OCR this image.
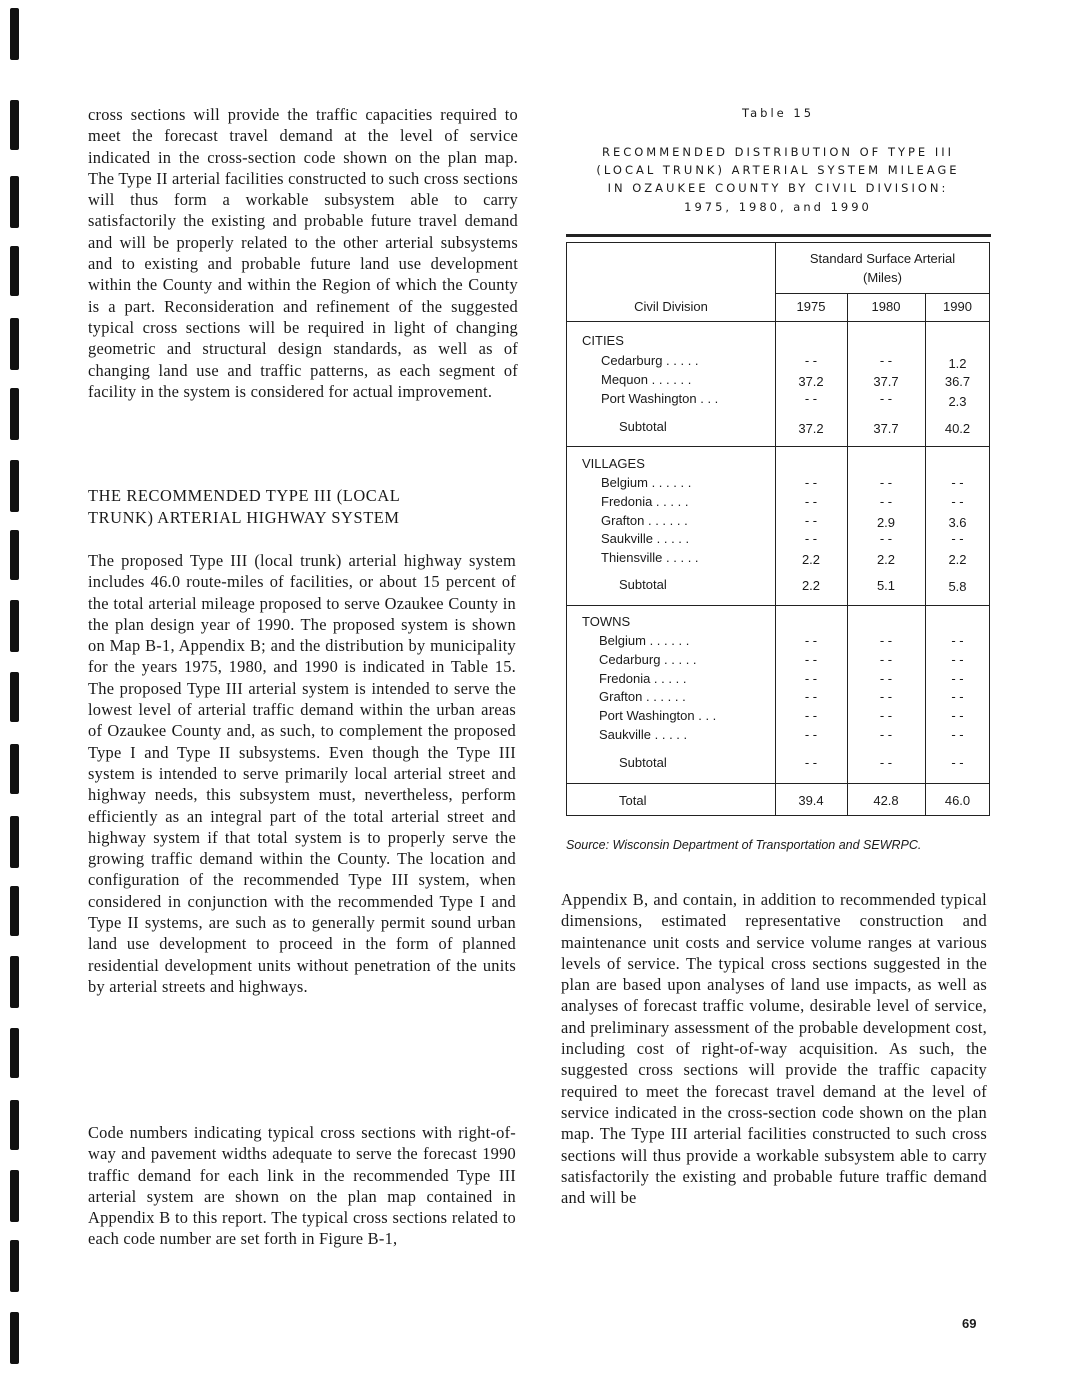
cross sections will provide the traffic capacities required to meet the forecast travel demand at the level of service indicated in the cross-section code shown on the plan map. The Type II arterial facilities constructed to such cross sections will thus form a workable subsystem able to carry satisfactorily the existing and probable future travel demand and will be properly related to the other arterial subsystems and to existing and probable future land use development within the County and within the Region of which the County is a part. Reconsideration and refinement of the suggested typical cross sections will be required in light of changing geometric and structural design standards, as well as of changing land use and traffic patterns, as each segment of facility in the system is considered for actual improvement.

THE RECOMMENDED TYPE III (LOCAL

TRUNK) ARTERIAL HIGHWAY SYSTEM

The proposed Type III (local trunk) arterial highway system includes 46.0 route-miles of facilities, or about 15 percent of the total arterial mileage proposed to serve Ozaukee County in the plan design year of 1990. The proposed system is shown on Map B-1, Appendix B; and the distribution by municipality for the years 1975, 1980, and 1990 is indicated in Table 15. The proposed Type III arterial system is intended to serve the lowest level of arterial traffic demand within the urban areas of Ozaukee County and, as such, to complement the proposed Type I and Type II subsystems. Even though the Type III system is intended to serve primarily local arterial street and highway needs, this subsystem must, nevertheless, perform efficiently as an integral part of the total arterial street and highway system if that total system is to properly serve the growing traffic demand within the County. The location and configuration of the recommended Type III system, when considered in conjunction with the recommended Type I and Type II systems, are such as to generally permit sound urban land use development to proceed in the form of planned residential development units without penetration of the units by arterial streets and highways.

Code numbers indicating typical cross sections with right-of-way and pavement widths adequate to serve the forecast 1990 traffic demand for each link in the recommended Type III arterial system are shown on the plan map contained in Appendix B to this report. The typical cross sections related to each code number are set forth in Figure B-1,

Table 15

RECOMMENDED DISTRIBUTION OF TYPE III

(LOCAL TRUNK) ARTERIAL SYSTEM MILEAGE

IN OZAUKEE COUNTY BY CIVIL DIVISION:

1975, 1980, and 1990

Standard Surface Arterial
(Miles)
Civil Division	1975	1980	1990
CITIES
Cedarburg . . . . .	- -	- -	1.2
Mequon . . . . . .	37.2	37.7	36.7
Port Washington . . .	- -	- -	2.3
Subtotal	37.2	37.7	40.2
VILLAGES
Belgium . . . . . .	- -	- -	- -
Fredonia . . . . .	- -	- -	- -
Grafton . . . . . .	- -	2.9	3.6
Saukville . . . . .	- -	- -	- -
Thiensville . . . . .	2.2	2.2	2.2
Subtotal	2.2	5.1	5.8
TOWNS
Belgium . . . . . .	- -	- -	- -
Cedarburg . . . . .	- -	- -	- -
Fredonia . . . . .	- -	- -	- -
Grafton . . . . . .	- -	- -	- -
Port Washington . . .	- -	- -	- -
Saukville . . . . .	- -	- -	- -
Subtotal	- -	- -	- -
Total	39.4	42.8	46.0

Source: Wisconsin Department of Transportation and SEWRPC.

Appendix B, and contain, in addition to recommended typical dimensions, estimated representative construction and maintenance unit costs and service volume ranges at various levels of service. The typical cross sections suggested in the plan are based upon analyses of land use impacts, as well as analyses of forecast traffic volume, desirable level of service, and preliminary assessment of the probable development cost, including cost of right-of-way acquisition. As such, the suggested cross sections will provide the traffic capacity required to meet the forecast travel demand at the level of service indicated in the cross-section code shown on the plan map. The Type III arterial facilities constructed to such cross sections will thus provide a workable subsystem able to carry satisfactorily the existing and probable future traffic demand and will be

69
